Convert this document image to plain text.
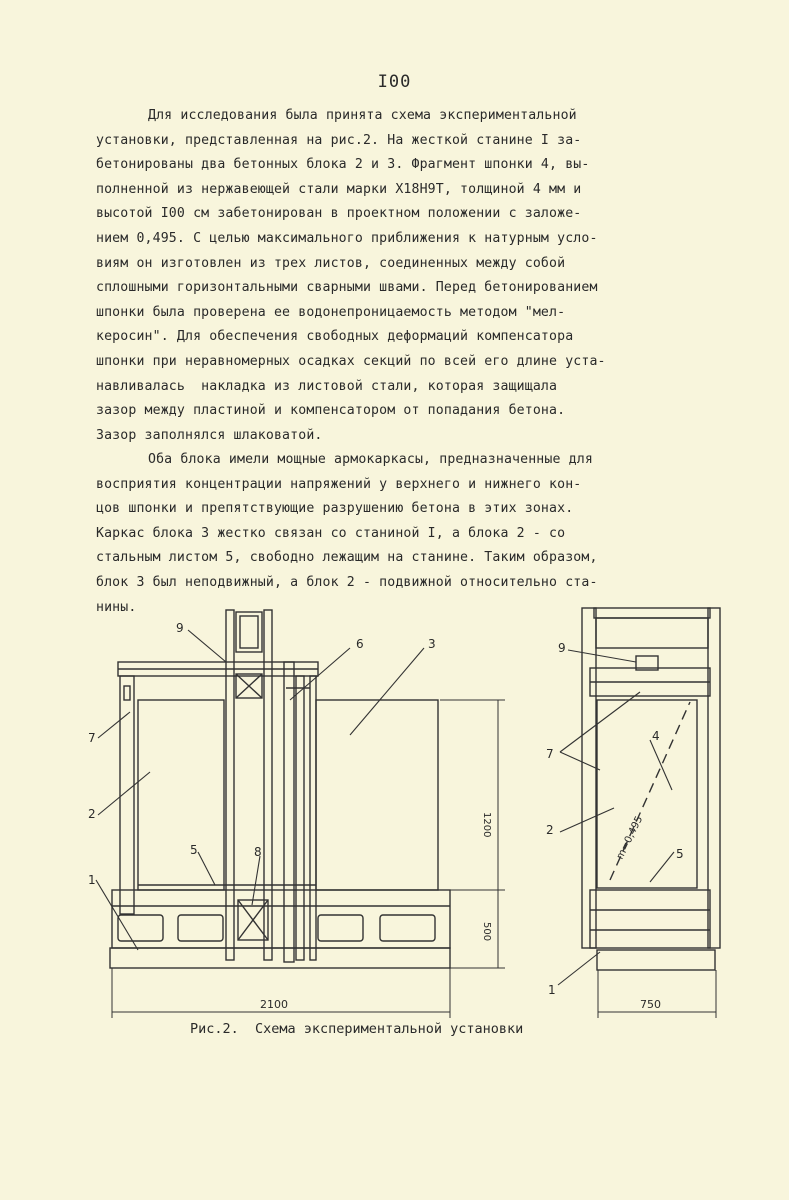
I00
Для исследования была принята схема экспериментальной
установки, представленная на рис.2. На жесткой станине I за-
бетонированы два бетонных блока 2 и 3. Фрагмент шпонки 4, вы-
полненной из нержавеющей стали марки Х18Н9Т, толщиной 4 мм и
высотой I00 см забетонирован в проектном положении с заложе-
нием 0,495. С целью максимального приближения к натурным усло-
виям он изготовлен из трех листов, соединенных между собой
сплошными горизонтальными сварными швами. Перед бетонированием
шпонки была проверена ее водонепроницаемость методом "мел-
керосин". Для обеспечения свободных деформаций компенсатора
шпонки при неравномерных осадках секций по всей его длине уста-
навливалась  накладка из листовой стали, которая защищала
зазор между пластиной и компенсатором от попадания бетона.
Зазор заполнялся шлаковатой.
Оба блока имели мощные армокаркасы, предназначенные для
восприятия концентрации напряжений у верхнего и нижнего кон-
цов шпонки и препятствующие разрушению бетона в этих зонах.
Каркас блока 3 жестко связан со станиной I, а блока 2 - со
стальным листом 5, свободно лежащим на станине. Таким образом,
блок 3 был неподвижный, а блок 2 - подвижной относительно ста-
нины.
9
6	3
7
2
5	8
1
9
4
7
2
5
1
1200
500
2100	750
m=0,495
Рис.2.  Схема экспериментальной установки
